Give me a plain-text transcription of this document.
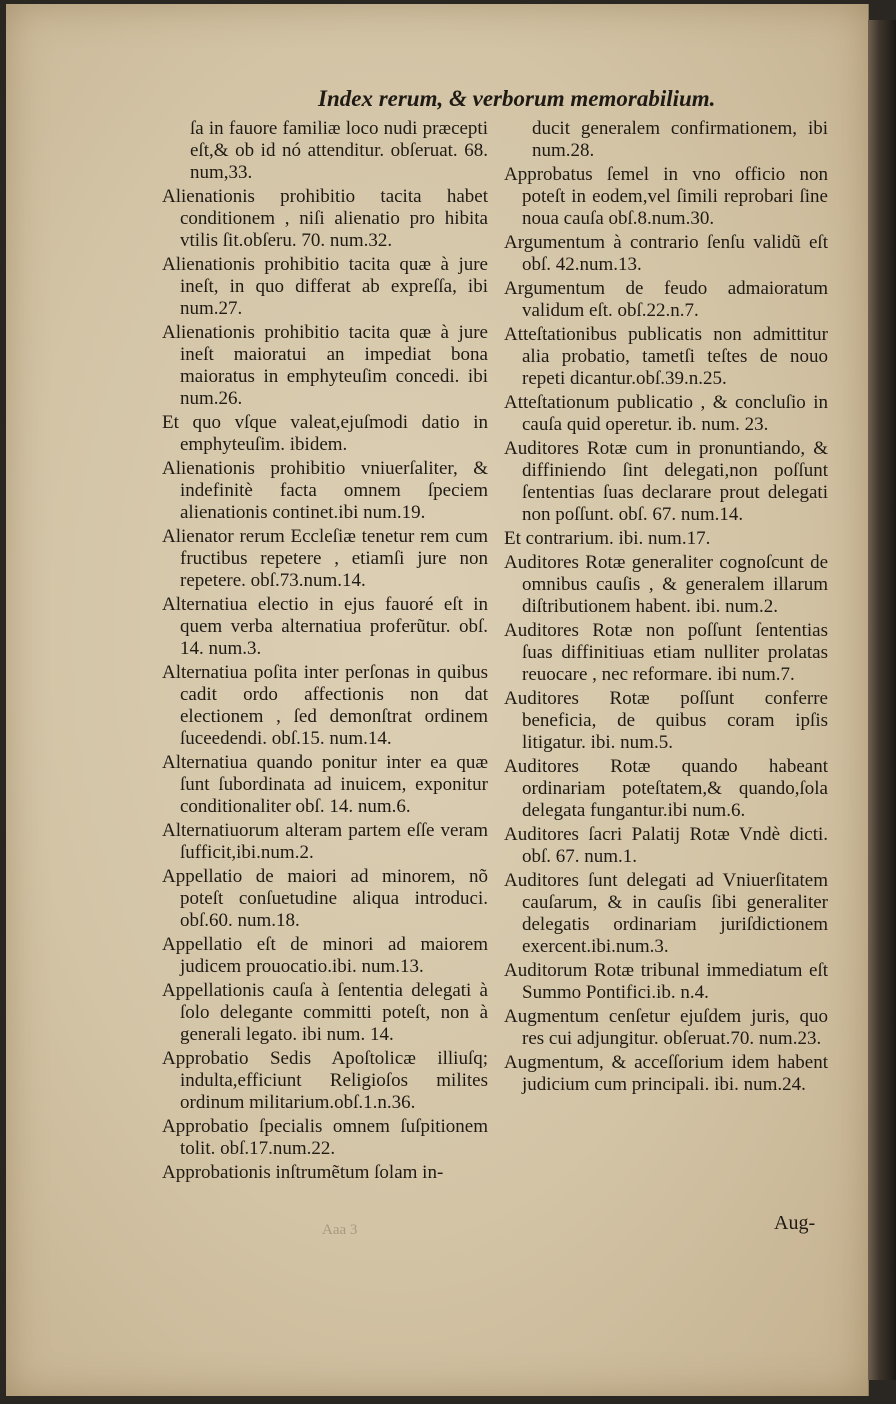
Index rerum, & verborum memorabilium.
ſa in fauore familiæ loco nudi præcepti eſt,& ob id nó attenditur. obſeruat. 68. num,33.
Alienationis prohibitio tacita habet conditionem , niſi alienatio pro hibita vtilis ſit.obſeru. 70. num.32.
Alienationis prohibitio tacita quæ à jure ineſt, in quo differat ab expreſſa, ibi num.27.
Alienationis prohibitio tacita quæ à jure ineſt maioratui an impediat bona maioratus in emphyteuſim concedi. ibi num.26.
Et quo vſque valeat,ejuſmodi datio in emphyteuſim. ibidem.
Alienationis prohibitio vniuerſaliter, & indefinitè facta omnem ſpeciem alienationis continet.ibi num.19.
Alienator rerum Eccleſiæ tenetur rem cum fructibus repetere , etiamſi jure non repetere. obſ.73.num.14.
Alternatiua electio in ejus fauoré eſt in quem verba alternatiua proferũtur. obſ. 14. num.3.
Alternatiua poſita inter perſonas in quibus cadit ordo affectionis non dat electionem , ſed demonſtrat ordinem ſuceedendi. obſ.15. num.14.
Alternatiua quando ponitur inter ea quæ ſunt ſubordinata ad inuicem, exponitur conditionaliter obſ. 14. num.6.
Alternatiuorum alteram partem eſſe veram ſufficit,ibi.num.2.
Appellatio de maiori ad minorem, nõ poteſt conſuetudine aliqua introduci. obſ.60. num.18.
Appellatio eſt de minori ad maiorem judicem prouocatio.ibi. num.13.
Appellationis cauſa à ſententia delegati à ſolo delegante committi poteſt, non à generali legato. ibi num. 14.
Approbatio Sedis Apoſtolicæ illiuſq; indulta,efficiunt Religioſos milites ordinum militarium.obſ.1.n.36.
Approbatio ſpecialis omnem ſuſpitionem tolit. obſ.17.num.22.
Approbationis inſtrumẽtum ſolam in-
ducit generalem confirmationem, ibi num.28.
Approbatus ſemel in vno officio non poteſt in eodem,vel ſimili reprobari ſine noua cauſa obſ.8.num.30.
Argumentum à contrario ſenſu validũ eſt obſ. 42.num.13.
Argumentum de feudo admaioratum validum eſt. obſ.22.n.7.
Atteſtationibus publicatis non admittitur alia probatio, tametſi teſtes de nouo repeti dicantur.obſ.39.n.25.
Atteſtationum publicatio , & concluſio in cauſa quid operetur. ib. num. 23.
Auditores Rotæ cum in pronuntiando, & diffiniendo ſint delegati,non poſſunt ſententias ſuas declarare prout delegati non poſſunt. obſ. 67. num.14.
Et contrarium. ibi. num.17.
Auditores Rotæ generaliter cognoſcunt de omnibus cauſis , & generalem illarum diſtributionem habent. ibi. num.2.
Auditores Rotæ non poſſunt ſententias ſuas diffinitiuas etiam nulliter prolatas reuocare , nec reformare. ibi num.7.
Auditores Rotæ poſſunt conferre beneficia, de quibus coram ipſis litigatur. ibi. num.5.
Auditores Rotæ quando habeant ordinariam poteſtatem,& quando,ſola delegata fungantur.ibi num.6.
Auditores ſacri Palatij Rotæ Vndè dicti. obſ. 67. num.1.
Auditores ſunt delegati ad Vniuerſitatem cauſarum, & in cauſis ſibi generaliter delegatis ordinariam juriſdictionem exercent.ibi.num.3.
Auditorum Rotæ tribunal immediatum eſt Summo Pontifici.ib. n.4.
Augmentum cenſetur ejuſdem juris, quo res cui adjungitur. obſeruat.70. num.23.
Augmentum, & acceſſorium idem habent judicium cum principali. ibi. num.24.
Aaa 3	Aug-
